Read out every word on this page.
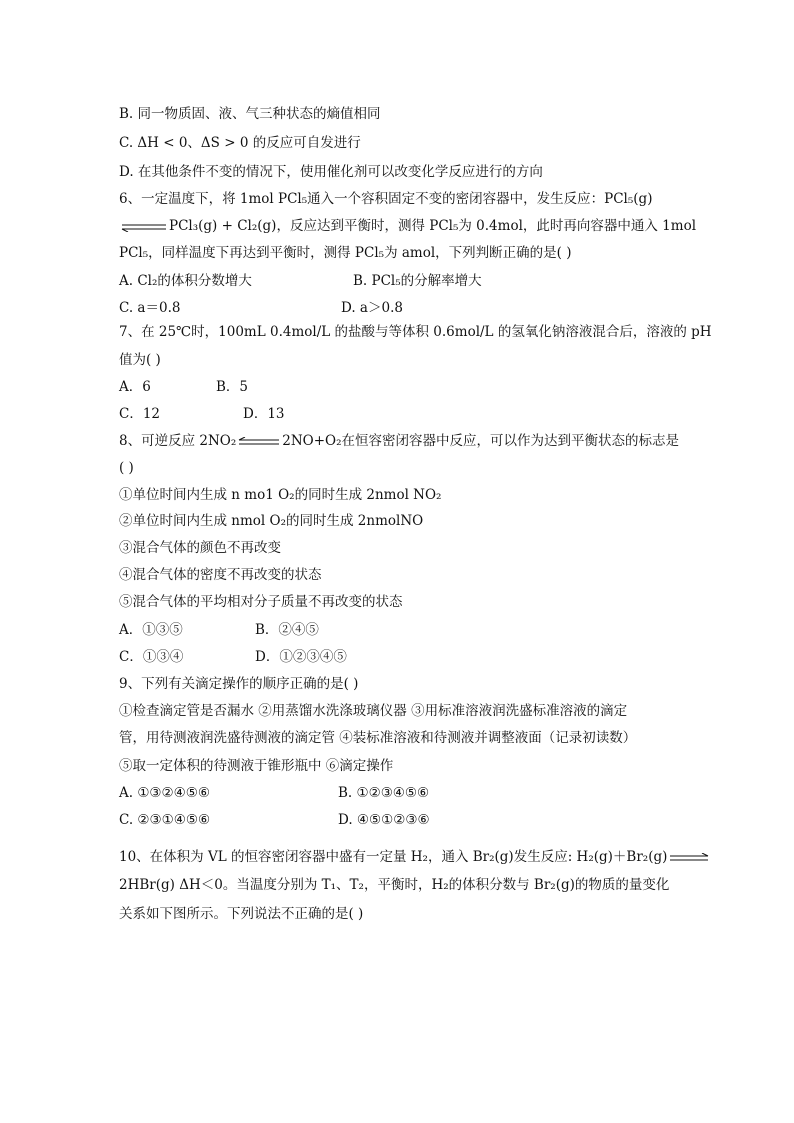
B. 同一物质固、液、气三种状态的熵值相同
C. ΔH < 0、ΔS > 0 的反应可自发进行
D. 在其他条件不变的情况下，使用催化剂可以改变化学反应进行的方向
6、一定温度下，将 1mol PCl₅通入一个容积固定不变的密闭容器中，发生反应：PCl₅(g)
PCl₃(g) + Cl₂(g)，反应达到平衡时，测得 PCl₅为 0.4mol，此时再向容器中通入 1mol
PCl₅，同样温度下再达到平衡时，测得 PCl₅为 amol，下列判断正确的是( )
A. Cl₂的体积分数增大	B. PCl₅的分解率增大
C. a＝0.8	D. a＞0.8
7、在 25℃时，100mL 0.4mol/L 的盐酸与等体积 0.6mol/L 的氢氧化钠溶液混合后，溶液的 pH
值为( )
A．6	B．5
C．12	D．13
8、可逆反应 2NO₂	2NO+O₂在恒容密闭容器中反应，可以作为达到平衡状态的标志是
( )
①单位时间内生成 n mo1 O₂的同时生成 2nmol NO₂
②单位时间内生成 nmol O₂的同时生成 2nmolNO
③混合气体的颜色不再改变
④混合气体的密度不再改变的状态
⑤混合气体的平均相对分子质量不再改变的状态
A．①③⑤	B．②④⑤
C．①③④	D．①②③④⑤
9、下列有关滴定操作的顺序正确的是( )
①检查滴定管是否漏水 ②用蒸馏水洗涤玻璃仪器 ③用标准溶液润洗盛标准溶液的滴定
管，用待测液润洗盛待测液的滴定管 ④装标准溶液和待测液并调整液面（记录初读数）
⑤取一定体积的待测液于锥形瓶中 ⑥滴定操作
A. ①③②④⑤⑥	B. ①②③④⑤⑥
C. ②③①④⑤⑥	D. ④⑤①②③⑥
10、在体积为 VL 的恒容密闭容器中盛有一定量 H₂，通入 Br₂(g)发生反应: H₂(g)＋Br₂(g)
2HBr(g) ΔH＜0。当温度分别为 T₁、T₂，平衡时，H₂的体积分数与 Br₂(g)的物质的量变化
关系如下图所示。下列说法不正确的是( )
